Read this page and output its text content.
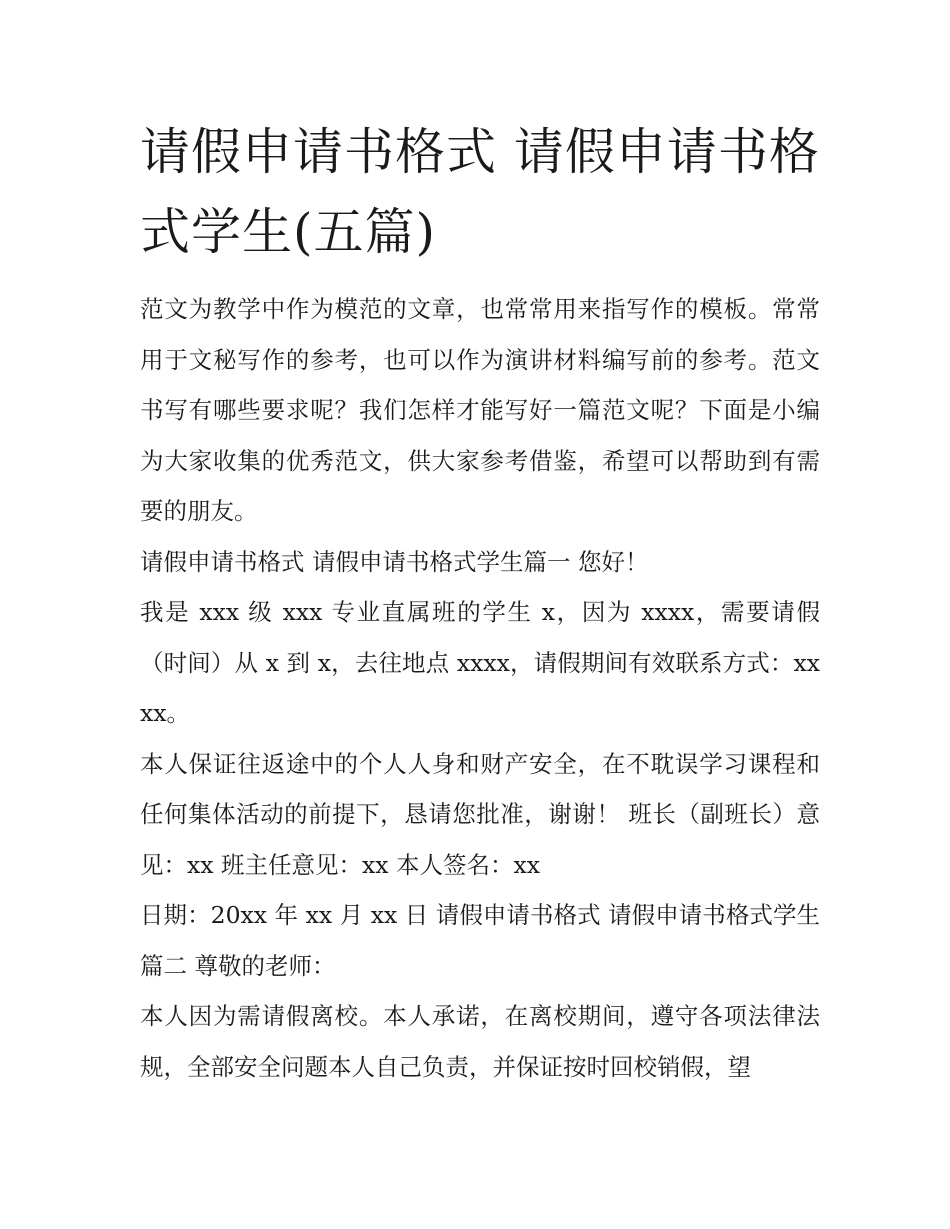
请假申请书格式 请假申请书格式学生(五篇)

范文为教学中作为模范的文章，也常常用来指写作的模板。常常用于文秘写作的参考，也可以作为演讲材料编写前的参考。范文书写有哪些要求呢？我们怎样才能写好一篇范文呢？下面是小编为大家收集的优秀范文，供大家参考借鉴，希望可以帮助到有需要的朋友。

请假申请书格式 请假申请书格式学生篇一 您好！

我是 xxx 级 xxx 专业直属班的学生 x，因为 xxxx，需要请假（时间）从 x 到 x，去往地点 xxxx，请假期间有效联系方式：xxxx。

本人保证往返途中的个人人身和财产安全，在不耽误学习课程和任何集体活动的前提下，恳请您批准，谢谢！ 班长（副班长）意见：xx 班主任意见：xx 本人签名：xx

日期：20xx 年 xx 月 xx 日 请假申请书格式 请假申请书格式学生篇二 尊敬的老师：

本人因为需请假离校。本人承诺，在离校期间，遵守各项法律法规，全部安全问题本人自己负责，并保证按时回校销假，望
